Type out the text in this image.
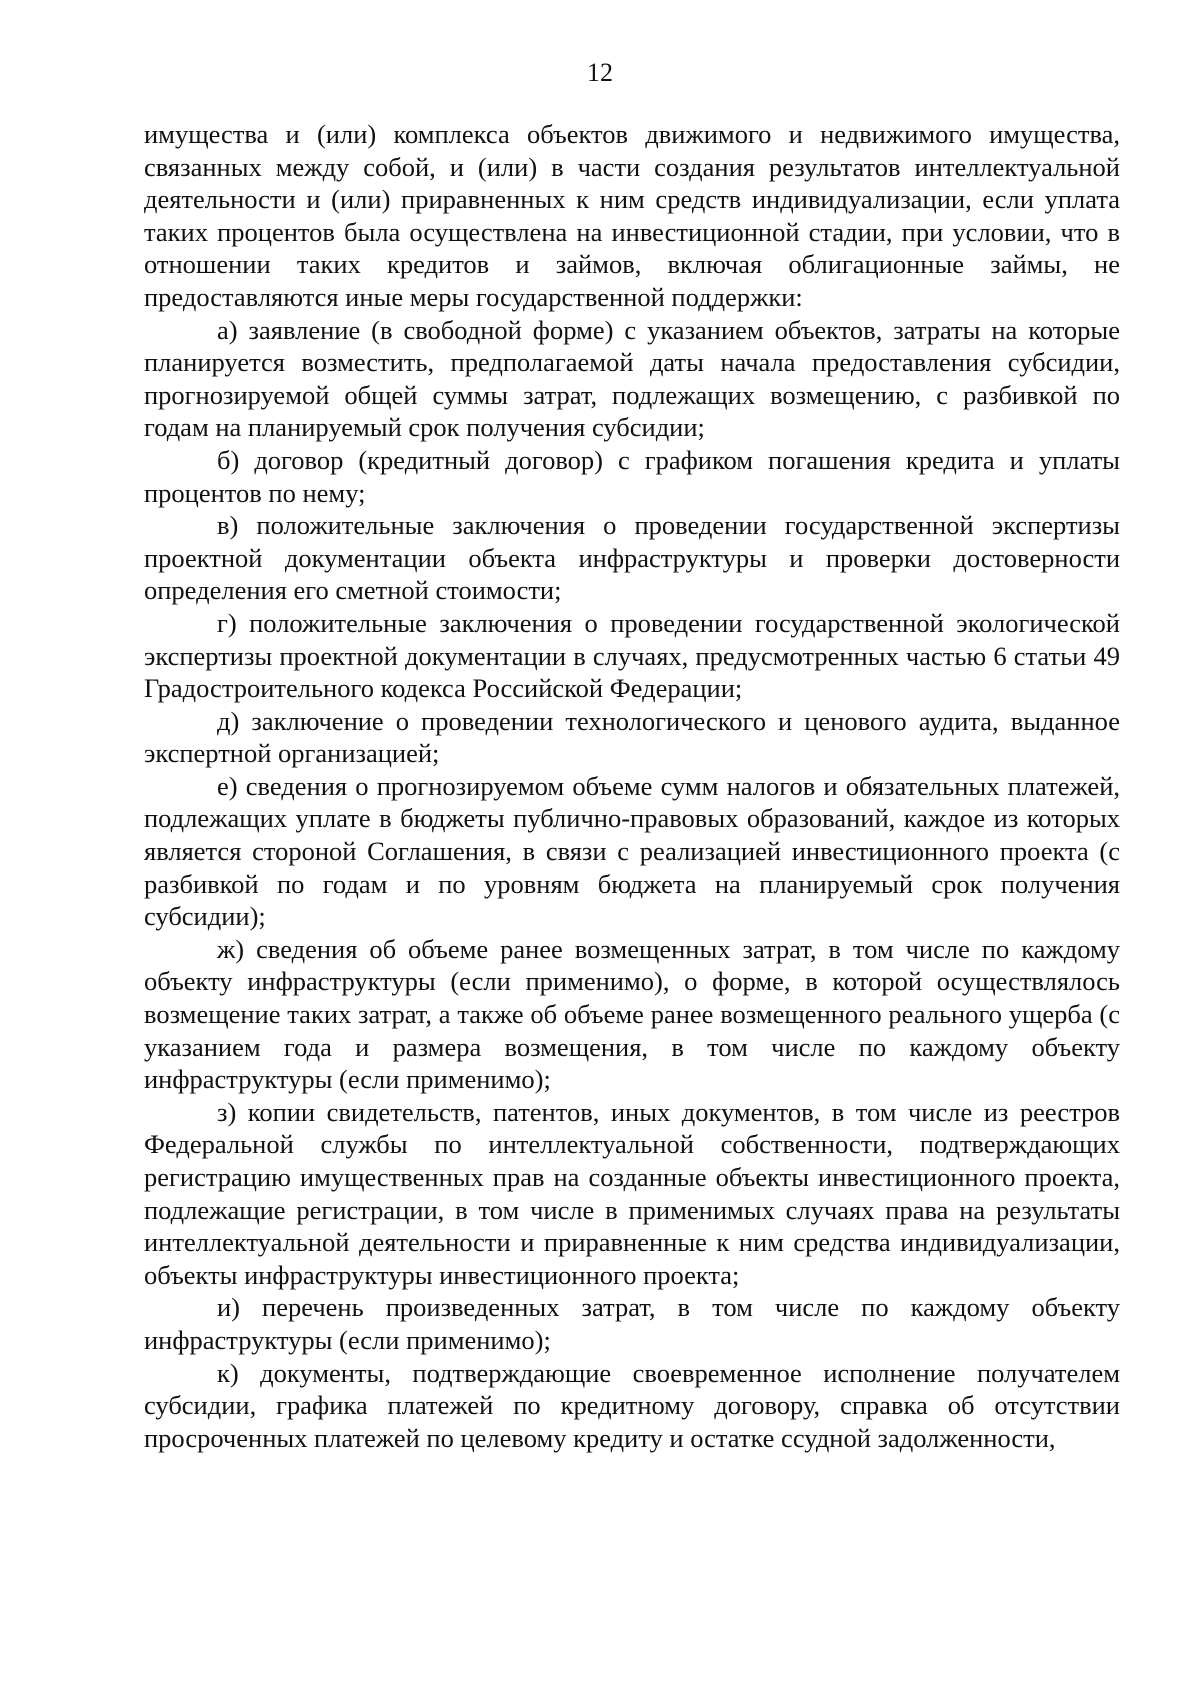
12

имущества и (или) комплекса объектов движимого и недвижимого имущества, связанных между собой, и (или) в части создания результатов интеллектуальной деятельности и (или) приравненных к ним средств индивидуализации, если уплата таких процентов была осуществлена на инвестиционной стадии, при условии, что в отношении таких кредитов и займов, включая облигационные займы, не предоставляются иные меры государственной поддержки:

а) заявление (в свободной форме) с указанием объектов, затраты на которые планируется возместить, предполагаемой даты начала предоставления субсидии, прогнозируемой общей суммы затрат, подлежащих возмещению, с разбивкой по годам на планируемый срок получения субсидии;

б) договор (кредитный договор) с графиком погашения кредита и уплаты процентов по нему;

в) положительные заключения о проведении государственной экспертизы проектной документации объекта инфраструктуры и проверки достоверности определения его сметной стоимости;

г) положительные заключения о проведении государственной экологической экспертизы проектной документации в случаях, предусмотренных частью 6 статьи 49 Градостроительного кодекса Российской Федерации;

д) заключение о проведении технологического и ценового аудита, выданное экспертной организацией;

е) сведения о прогнозируемом объеме сумм налогов и обязательных платежей, подлежащих уплате в бюджеты публично-правовых образований, каждое из которых является стороной Соглашения, в связи с реализацией инвестиционного проекта (с разбивкой по годам и по уровням бюджета на планируемый срок получения субсидии);

ж) сведения об объеме ранее возмещенных затрат, в том числе по каждому объекту инфраструктуры (если применимо), о форме, в которой осуществлялось возмещение таких затрат, а также об объеме ранее возмещенного реального ущерба (с указанием года и размера возмещения, в том числе по каждому объекту инфраструктуры (если применимо);

з) копии свидетельств, патентов, иных документов, в том числе из реестров Федеральной службы по интеллектуальной собственности, подтверждающих регистрацию имущественных прав на созданные объекты инвестиционного проекта, подлежащие регистрации, в том числе в применимых случаях права на результаты интеллектуальной деятельности и приравненные к ним средства индивидуализации, объекты инфраструктуры инвестиционного проекта;

и) перечень произведенных затрат, в том числе по каждому объекту инфраструктуры (если применимо);

к) документы, подтверждающие своевременное исполнение получателем субсидии, графика платежей по кредитному договору, справка об отсутствии просроченных платежей по целевому кредиту и остатке ссудной задолженности,
